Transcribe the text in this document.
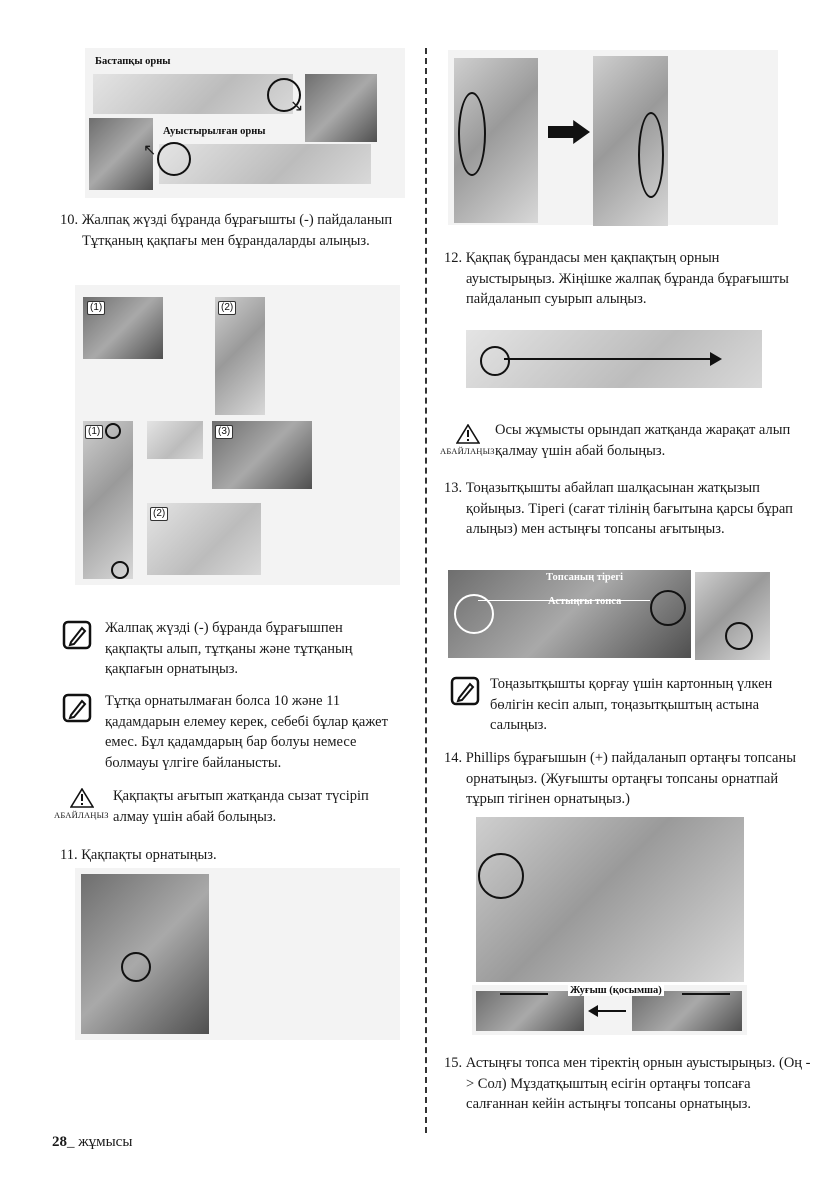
Бастапқы орны
↘
Ауыстырылған орны
↖
10. Жалпақ жүзді бұранда бұрағышты (-) пайдаланып Тұтқаның қақпағы мен бұрандаларды алыңыз.
(1)	(2)
(1)	(3)
(2)
Жалпақ жүзді (-) бұранда бұрағышпен қақпақты алып, тұтқаны және тұтқаның қақпағын орнатыңыз.
Тұтқа орнатылмаған болса 10 және 11 қадамдарын елемеу керек, себебі бұлар қажет емес. Бұл қадамдарың бар болуы немесе болмауы үлгіге байланысты.
АБАЙЛАҢЫЗ
Қақпақты ағытып жатқанда сызат түсіріп алмау үшін абай болыңыз.
11. Қақпақты орнатыңыз.
12. Қақпақ бұрандасы мен қақпақтың орнын ауыстырыңыз. Жіңішке жалпақ бұранда бұрағышты пайдаланып суырып алыңыз.
АБАЙЛАҢЫЗ
Осы жұмысты орындап жатқанда жарақат алып қалмау үшін абай болыңыз.
13. Тоңазытқышты абайлап шалқасынан жатқызып қойыңыз. Тірегі (сағат тілінің бағытына қарсы бұрап алыңыз) мен астыңғы топсаны ағытыңыз.
Топсаның тірегі
Астыңғы топса
Тоңазытқышты қорғау үшін картонның үлкен бөлігін кесіп алып, тоңазытқыштың астына салыңыз.
14. Phillips бұрағышын (+) пайдаланып ортаңғы топсаны орнатыңыз. (Жуғышты ортаңғы топсаны орнатпай тұрып тігінен орнатыңыз.)
Жуғыш (қосымша)
15. Астыңғы топса мен тіректің орнын ауыстырыңыз. (Оң -> Сол) Мұздатқыштың есігін ортаңғы топсаға салғаннан кейін астыңғы топсаны орнатыңыз.
28_ жұмысы
